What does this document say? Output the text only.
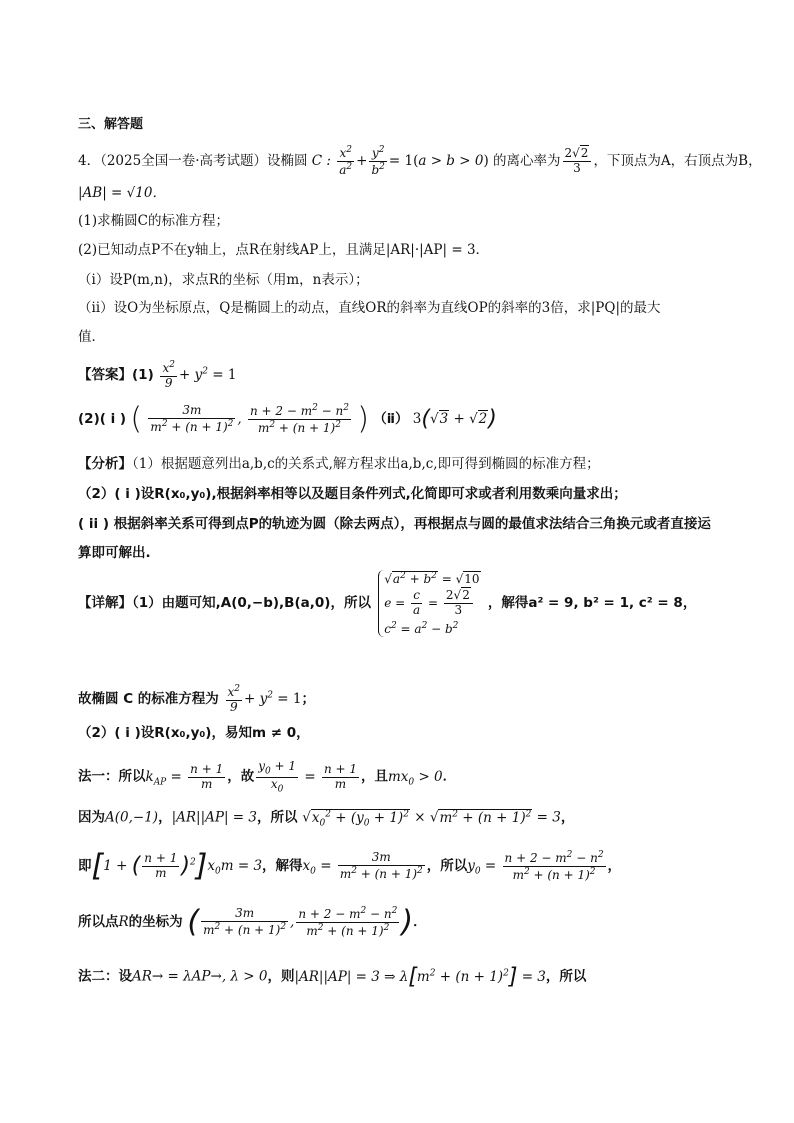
三、解答题
4．（2025全国一卷·高考试题）设椭圆 C : $\frac{x^2}{a^2} + \frac{y^2}{b^2} = 1(a > b > 0)$ 的离心率为 $\frac{2√2}{3}$ ，下顶点为A，右顶点为B，
|AB| = √10．
(1)求椭圆C的标准方程；
(2)已知动点P不在y轴上，点R在射线AP上，且满足|AR|·|AP| = 3．
（i）设P(m,n)，求点R的坐标（用m，n表示）；
（ⅱ）设O为坐标原点，Q是椭圆上的动点，直线OR的斜率为直线OP的斜率的3倍，求|PQ|的最大
值．
【答案】$(1) \frac{x^2}{9} + y^2 = 1$
(2)( i ) ( $\frac{3m}{m^2 + (n + 1)^2}$ , $\frac{n + 2 - m^2 - n^2}{m^2 + (n + 1)^2}$ ) （ⅱ） 3(√3 + √2)
【分析】（1）根据题意列出a,b,c的关系式,解方程求出a,b,c,即可得到椭圆的标准方程；
（2）( i )设R(x₀,y₀),根据斜率相等以及题目条件列式,化简即可求或者利用数乘向量求出；
( ii ) 根据斜率关系可得到点P的轨迹为圆（除去两点），再根据点与圆的最值求法结合三角换元或者直接运
算即可解出.
【详解】（1）由题可知,A(0,−b),B(a,0)，所以
$√a^2 + b^2 = √10$
$e = \frac{c}{a} = \frac{2√2}{3}$
$c^2 = a^2 - b^2$
，解得a² = 9, b² = 1, c² = 8，
故椭圆 C 的标准方程为 $\frac{x^2}{9} + y^2 = 1$；
（2）( i )设R(x₀,y₀)，易知m ≠ 0，
法一：所以$k_{AP} = \frac{n + 1}{m}$ ，故 $\frac{y_0 + 1}{x_0} = \frac{n + 1}{m}$ ，且$mx_0 > 0$．
因为A(0,−1)，|AR||AP| = 3，所以 $√x_0^2 + (y_0 + 1)^2 \times √m^2 + (n + 1)^2 = 3$，
即[1 + ( $\frac{n + 1}{m} )^2]x_0m = 3$，解得$x_0 = \frac{3m}{m^2 + (n + 1)^2}$ ，所以$y_0 = \frac{n + 2 - m^2 - n^2}{m^2 + (n + 1)^2}$ ，
所以点R的坐标为 ( $\frac{3m}{m^2 + (n + 1)^2}$ , $\frac{n + 2 - m^2 - n^2}{m^2 + (n + 1)^2}$ )．
法二：设AR→ = λAP→, λ > 0，则|AR||AP| = 3 ⇒ $\lambda[m^2 + (n + 1)^2] = 3$，所以
